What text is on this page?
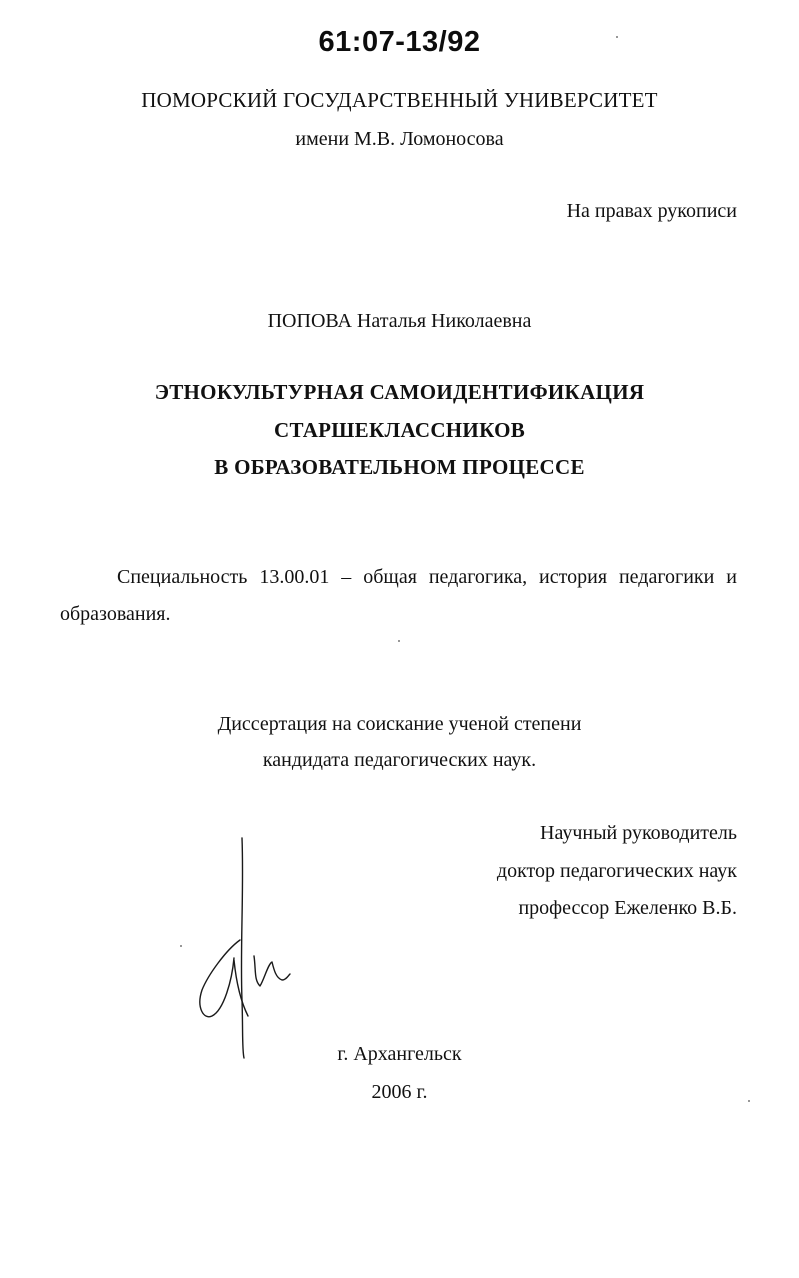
61:07-13/92
ПОМОРСКИЙ ГОСУДАРСТВЕННЫЙ УНИВЕРСИТЕТ
имени М.В. Ломоносова
На правах рукописи
ПОПОВА Наталья Николаевна
ЭТНОКУЛЬТУРНАЯ САМОИДЕНТИФИКАЦИЯ
СТАРШЕКЛАССНИКОВ
В ОБРАЗОВАТЕЛЬНОМ ПРОЦЕССЕ
Специальность 13.00.01 – общая педагогика, история педагогики и
образования.
Диссертация на соискание ученой степени
кандидата педагогических наук.
Научный руководитель
доктор педагогических наук
профессор Ежеленко В.Б.
г. Архангельск
2006 г.
